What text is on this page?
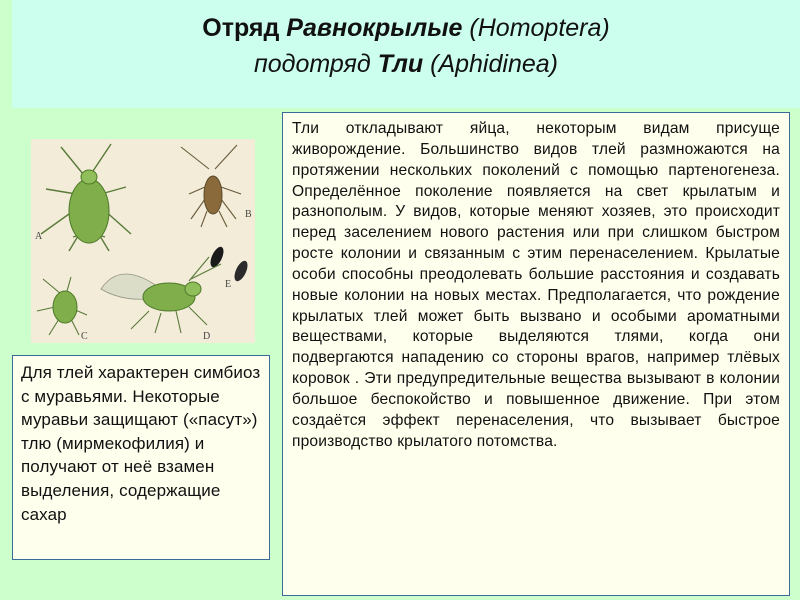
Отряд Равнокрылые (Homoptera)
подотряд Тли (Aphidinea)
A
B
E
C	D

Тли откладывают яйца, некоторым видам присуще живорождение. Большинство видов тлей размножаются на протяжении нескольких поколений с помощью партеногенеза. Определённое поколение появляется на свет крылатым и разнополым. У видов, которые меняют хозяев, это происходит перед заселением нового растения или при слишком быстром росте колонии и связанным с этим перенаселением. Крылатые особи способны преодолевать большие расстояния и создавать новые колонии на новых местах. Предполагается, что рождение крылатых тлей может быть вызвано и особыми ароматными веществами, которые выделяются тлями, когда они подвергаются нападению со стороны врагов, например тлёвых коровок . Эти предупредительные вещества вызывают в колонии большое беспокойство и повышенное движение. При этом создаётся эффект перенаселения, что вызывает быстрое производство крылатого потомства.

Для тлей характерен симбиоз с муравьями. Некоторые муравьи защищают («пасут») тлю (мирмекофилия) и получают от неё взамен выделения, содержащие сахар
